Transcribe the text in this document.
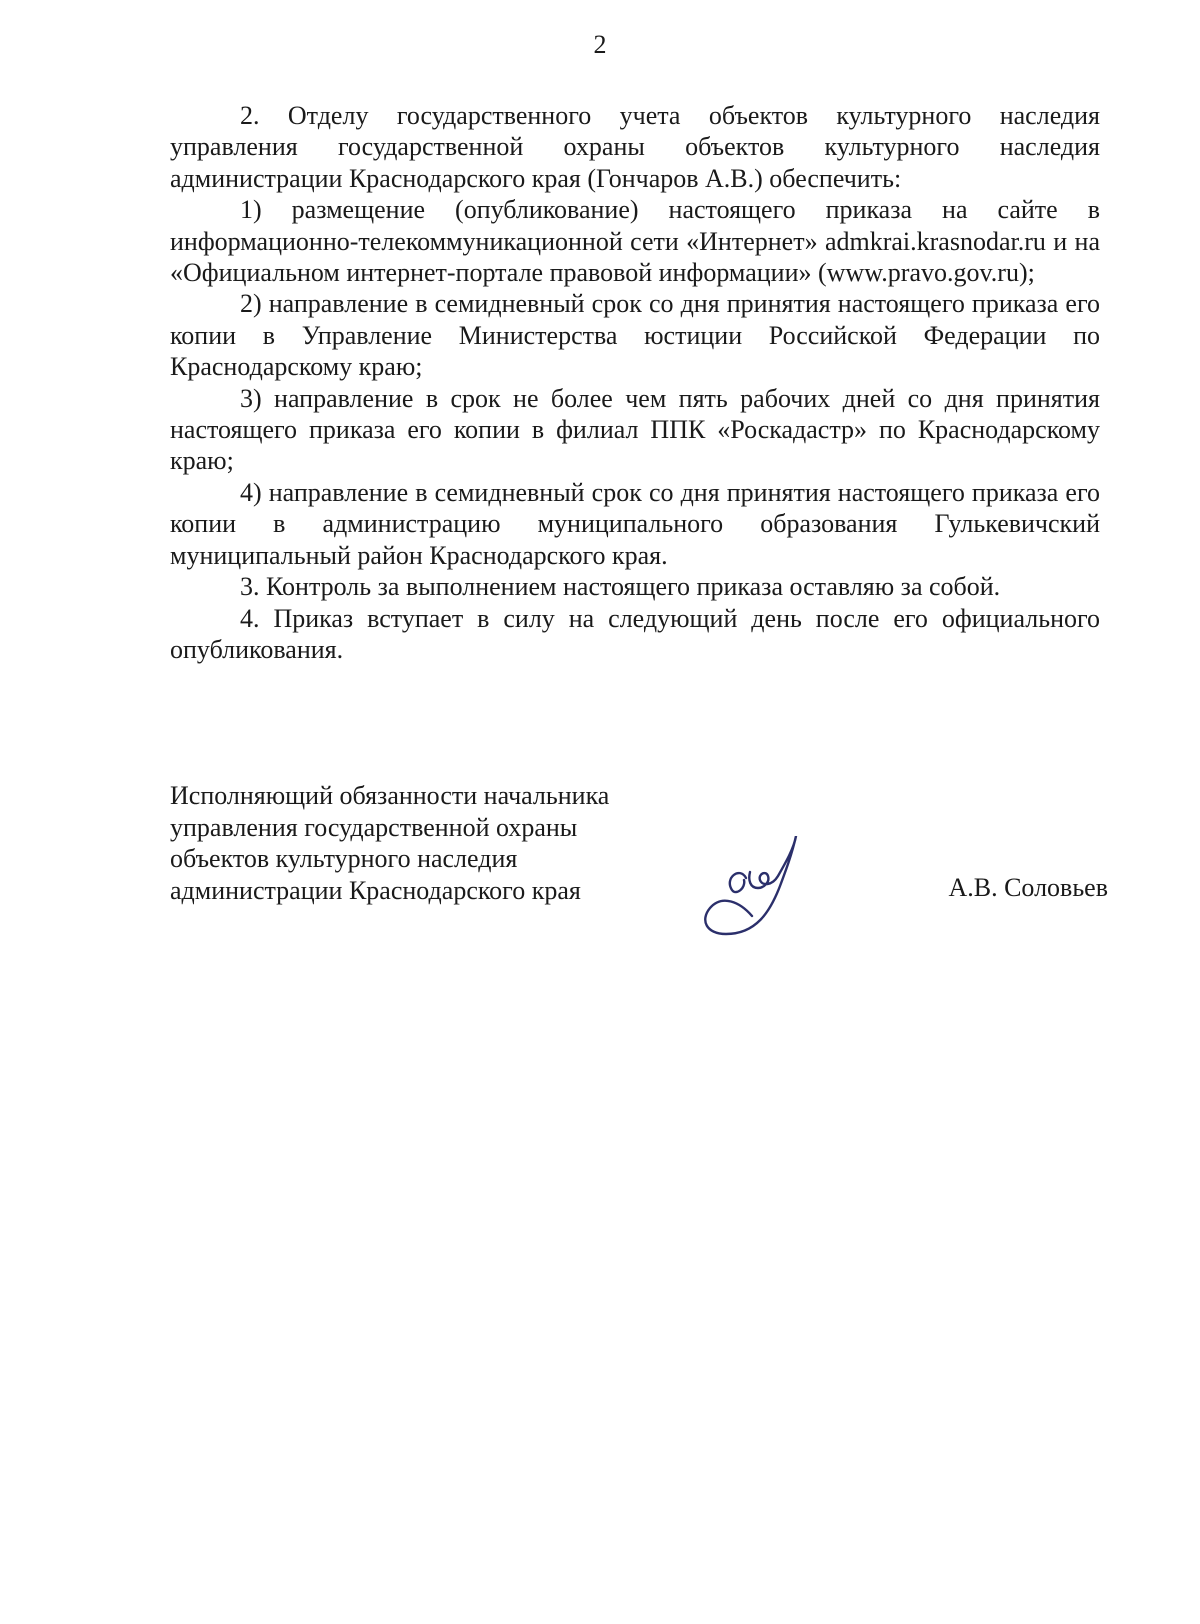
2

2. Отделу государственного учета объектов культурного наследия управления государственной охраны объектов культурного наследия администрации Краснодарского края (Гончаров А.В.) обеспечить:

1) размещение (опубликование) настоящего приказа на сайте в информационно-телекоммуникационной сети «Интернет» admkrai.krasnodar.ru и на «Официальном интернет-портале правовой информации» (www.pravo.gov.ru);

2) направление в семидневный срок со дня принятия настоящего приказа его копии в Управление Министерства юстиции Российской Федерации по Краснодарскому краю;

3) направление в срок не более чем пять рабочих дней со дня принятия настоящего приказа его копии в филиал ППК «Роскадастр» по Краснодарскому краю;

4) направление в семидневный срок со дня принятия настоящего приказа его копии в администрацию муниципального образования Гулькевичский муниципальный район Краснодарского края.

3. Контроль за выполнением настоящего приказа оставляю за собой.

4. Приказ вступает в силу на следующий день после его официального опубликования.

Исполняющий обязанности начальника
управления государственной охраны
объектов культурного наследия
администрации Краснодарского края	А.В. Соловьев
